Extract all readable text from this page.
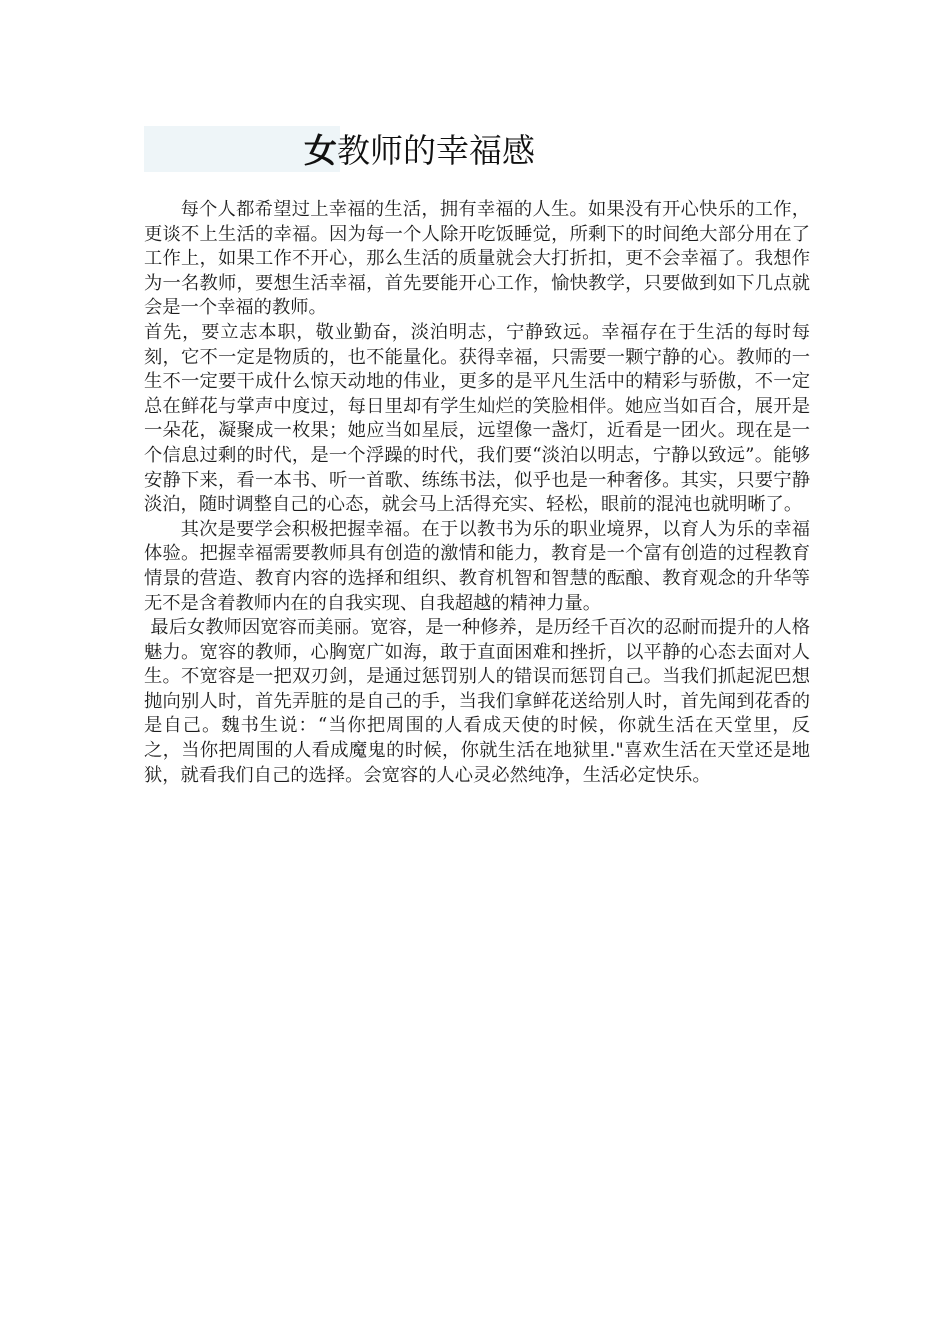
女教师的幸福感

每个人都希望过上幸福的生活，拥有幸福的人生。如果没有开心快乐的工作，更谈不上生活的幸福。因为每一个人除开吃饭睡觉，所剩下的时间绝大部分用在了工作上，如果工作不开心，那么生活的质量就会大打折扣，更不会幸福了。我想作为一名教师，要想生活幸福，首先要能开心工作，愉快教学，只要做到如下几点就会是一个幸福的教师。

首先，要立志本职，敬业勤奋，淡泊明志，宁静致远。幸福存在于生活的每时每刻，它不一定是物质的，也不能量化。获得幸福，只需要一颗宁静的心。教师的一生不一定要干成什么惊天动地的伟业，更多的是平凡生活中的精彩与骄傲，不一定总在鲜花与掌声中度过，每日里却有学生灿烂的笑脸相伴。她应当如百合，展开是一朵花，凝聚成一枚果；她应当如星辰，远望像一盏灯，近看是一团火。现在是一个信息过剩的时代，是一个浮躁的时代，我们要“淡泊以明志，宁静以致远”。能够安静下来，看一本书、听一首歌、练练书法，似乎也是一种奢侈。其实，只要宁静淡泊，随时调整自己的心态，就会马上活得充实、轻松，眼前的混沌也就明晰了。

其次是要学会积极把握幸福。在于以教书为乐的职业境界，以育人为乐的幸福体验。把握幸福需要教师具有创造的激情和能力，教育是一个富有创造的过程教育情景的营造、教育内容的选择和组织、教育机智和智慧的酝酿、教育观念的升华等无不是含着教师内在的自我实现、自我超越的精神力量。

最后女教师因宽容而美丽。宽容，是一种修养，是历经千百次的忍耐而提升的人格魅力。宽容的教师，心胸宽广如海，敢于直面困难和挫折，以平静的心态去面对人生。不宽容是一把双刃剑，是通过惩罚别人的错误而惩罚自己。当我们抓起泥巴想抛向别人时，首先弄脏的是自己的手，当我们拿鲜花送给别人时，首先闻到花香的是自己。魏书生说：“当你把周围的人看成天使的时候，你就生活在天堂里，反之，当你把周围的人看成魔鬼的时候，你就生活在地狱里."喜欢生活在天堂还是地狱，就看我们自己的选择。会宽容的人心灵必然纯净，生活必定快乐。
